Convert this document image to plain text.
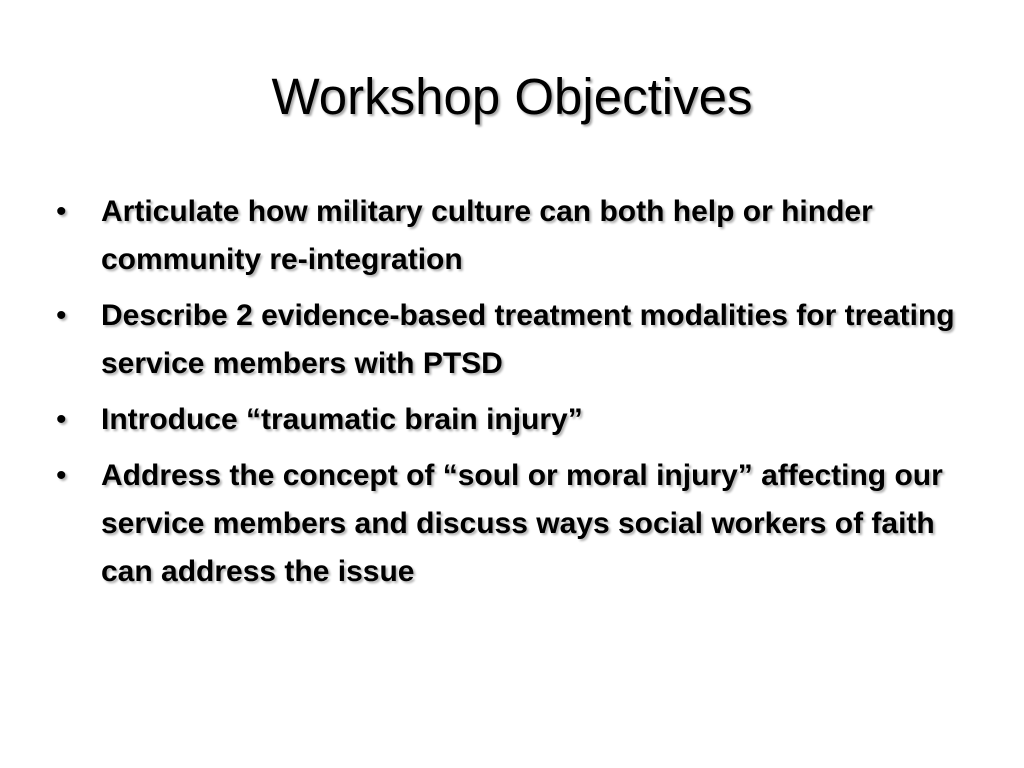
Workshop Objectives
•	Articulate how military culture can both help or hinder community re-integration
•	Describe 2 evidence-based treatment modalities for treating service members with PTSD
•	Introduce “traumatic brain injury”
•	Address the concept of “soul or moral injury” affecting our service members and discuss ways social workers of faith can address the issue
